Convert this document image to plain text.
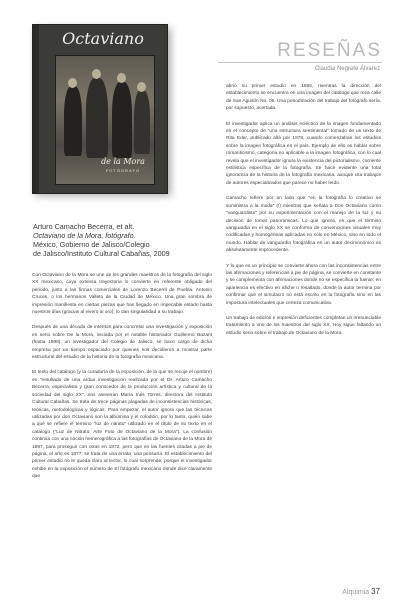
RESEÑAS
Claudia Negrete Álvarez
Octaviano
de la Mora
FOTÓGRAFO
Arturo Camacho Becerra, et alt.
Octaviano de la Mora, fotógrafo.
México, Gobierno de Jalisco/Colegio
de Jalisco/Instituto Cultural Cabañas, 2009

Con Octaviano de la Mora se une de los grandes maestros de la fotografía del siglo XX mexicano, cuya extensa trayectoria lo convierte en referente obligado del periodo, junto a las firmas comerciales de Lorenzo Becerril de Puebla, Antonio Cruces, o los hermanos Valleto de la Ciudad de México. Una gran sombra de impresión manifiesta en ciertas piezas que han llegado en impecable estado hasta nuestros días (gracias al vivero al oro), lo dan singularidad a su trabajo.

Después de una década de intentos para concretar una investigación y exposición en serio sobre De la Mora, iniciada por el notable historiador Guillermo Bazant (hasta 1999), un investigador del Colegio de Jalisco, se hace cargo de dicha empresa por un tiempo espaciado por quienes nos decidieron a mostrar parte estructural del estudio de la historia de la fotografía mexicana.

El texto del catálogo (y la curaduría de la exposición, de la que se recoje el nombre) es "resultado de una ardua investigación realizada por el Dr. Arturo Camacho Becerra, especialista y gran conocedor de la producción artística y cultural de la sociedad del siglo XX", nos aseveran María Inés Torres, directora del Instituto Cultural Cabañas. Se trata de trece páginas plagadas de inconsistencias históricas, teóricas, metodológicas y lógicas. Para empezar, el autor ignora que las técnicas utilizadas por don Octaviano son la albúmina y el colodión, por lo tanto, quién sabe a qué se refiere el término "luz de nitrato" utilizado en el título de su texto en el catálogo ("Luz de Nitrato: Arte Foto de Octaviano de la Mora"). La confusión continúa con una noción hemerográfica a las fotografías de Octaviano de la Mora de 1897, para proseguir con otras en 1872, pero que en las fuentes citadas a pie de página, el año es 1877; se trata de una errata, una pensaría. El establecimiento del primer estudio no le queda claro al lector, lo cual sorprende, porque el investigador exhibe en la exposición el número de El fotógrafo mexicano donde dice claramente que

abrió su primer estudio en 1865, mientras la dirección del establecimiento se encuentra en una imagen del catálogo que reza calle de San Agustín No. 06. Una periodización del trabajo del fotógrafo sería, por supuesto, acertada.

El investigador aplica un análisis ecléctico de la imagen fundamentado en el concepto de "una estructura sentimental" tomado de un texto de Rita Eder, publicado allá por 1978, cuando comenzaban los estudios sobre la imagen fotográfica en el país. Ejemplo de ello es hablar sobre romanticismo, categoría no aplicable a la imagen fotográfica, con lo cual revela que el investigador ignora la existencia del pictorialismo, corriente estilística específica de la fotografía. Se hace evidente una total ignorancia de la historia de la fotografía mexicana, aunque cita trabajos de autores especializados que parece no haber leído.

Camacho refiere por un lado que "en la fotografía lo creativo se suministra a la moda" (!) mientras que señala a Don Octaviano como "vanguardista" por su experimentación con el manejo de la luz y su decisión de tomar panorámicas. Lo que ignora, es que el término vanguardia en el siglo XX se conforma de convenciones visuales muy codificadas y homogéneas aplicadas no sólo en México, sino en todo el mundo. Hablar de vanguardia fotográfica en un autor decimonónico es absolutamente improcedente.

Y lo que es un principio se convierte ahora con las inconsistencias entre las afirmaciones y referencias a pie de página, se convierte en constante y se complementa con afirmaciones donde no se especifica la fuente; en apariencia es efectivo en afiche o resaltado, donde la autor termina por confirmar que el simulacro no está escrito en la fotografía sino en las impostura intelectuales que certeza comunicativa.

Un trabajo de edición e impresión deficientes completan un irrenunciable tratamiento a uno de los maestros del siglo XX. Hoy sigue faltando un estudio serio sobre el trabajo de Octaviano de la Mora.

Alquimia 37
